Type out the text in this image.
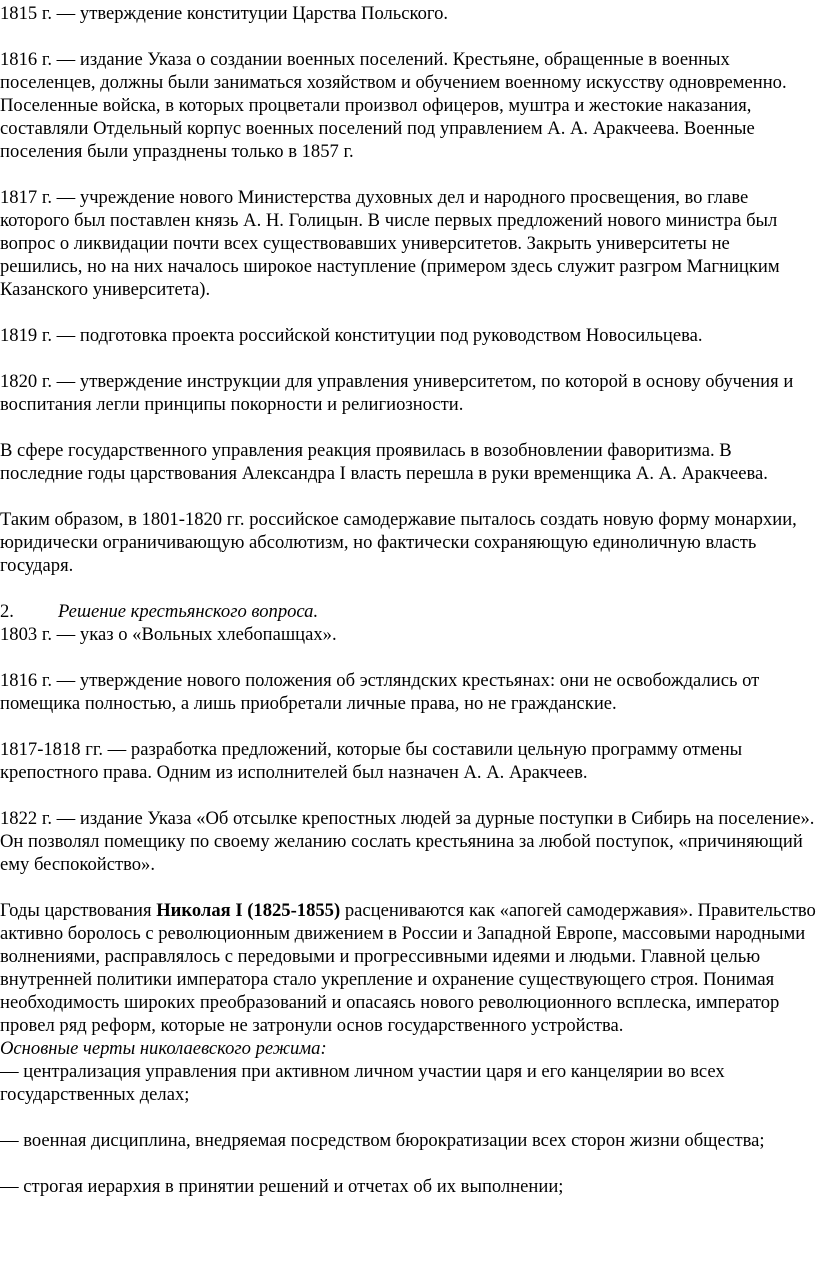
1815 г. — утверждение конституции Царства Польского.

1816 г. — издание Указа о создании военных поселений. Крестьяне, обращенные в военных поселенцев, должны были заниматься хозяйством и обучением военному искусству одновременно. Поселенные войска, в которых процветали произвол офицеров, муштра и жестокие наказания, составляли Отдельный корпус военных поселений под управлением А. А. Аракчеева. Военные поселения были упразднены только в 1857 г.

1817 г. — учреждение нового Министерства духовных дел и народного просвещения, во главе которого был поставлен князь А. Н. Голицын. В числе первых предложений нового министра был вопрос о ликвидации почти всех существовавших университетов. Закрыть университеты не решились, но на них началось широкое наступление (примером здесь служит разгром Магницким Казанского университета).

1819 г. — подготовка проекта российской конституции под руководством Новосильцева.

1820 г. — утверждение инструкции для управления университетом, по которой в основу обучения и воспитания легли принципы покорности и религиозности.

В сфере государственного управления реакция проявилась в возобновлении фаворитизма. В последние годы царствования Александра I власть перешла в руки временщика А. А. Аракчеева.

Таким образом, в 1801-1820 гг. российское самодержавие пыталось создать новую форму монархии, юридически ограничивающую абсолютизм, но фактически сохраняющую единоличную власть государя.

2. Решение крестьянского вопроса.

1803 г. — указ о «Вольных хлебопашцах».

1816 г. — утверждение нового положения об эстляндских крестьянах: они не освобождались от помещика полностью, а лишь приобретали личные права, но не гражданские.

1817-1818 гг. — разработка предложений, которые бы составили цельную программу отмены крепостного права. Одним из исполнителей был назначен А. А. Аракчеев.

1822 г. — издание Указа «Об отсылке крепостных людей за дурные поступки в Сибирь на поселение». Он позволял помещику по своему желанию сослать крестьянина за любой поступок, «причиняющий ему беспокойство».

Годы царствования Николая I (1825-1855) расцениваются как «апогей самодержавия». Правительство активно боролось с революционным движением в России и Западной Европе, массовыми народными волнениями, расправлялось с передовыми и прогрессивными идеями и людьми. Главной целью внутренней политики императора стало укрепление и охранение существующего строя. Понимая необходимость широких преобразований и опасаясь нового революционного всплеска, император провел ряд реформ, которые не затронули основ государственного устройства.

Основные черты николаевского режима:

— централизация управления при активном личном участии царя и его канцелярии во всех государственных делах;

— военная дисциплина, внедряемая посредством бюрократизации всех сторон жизни общества;

— строгая иерархия в принятии решений и отчетах об их выполнении;
